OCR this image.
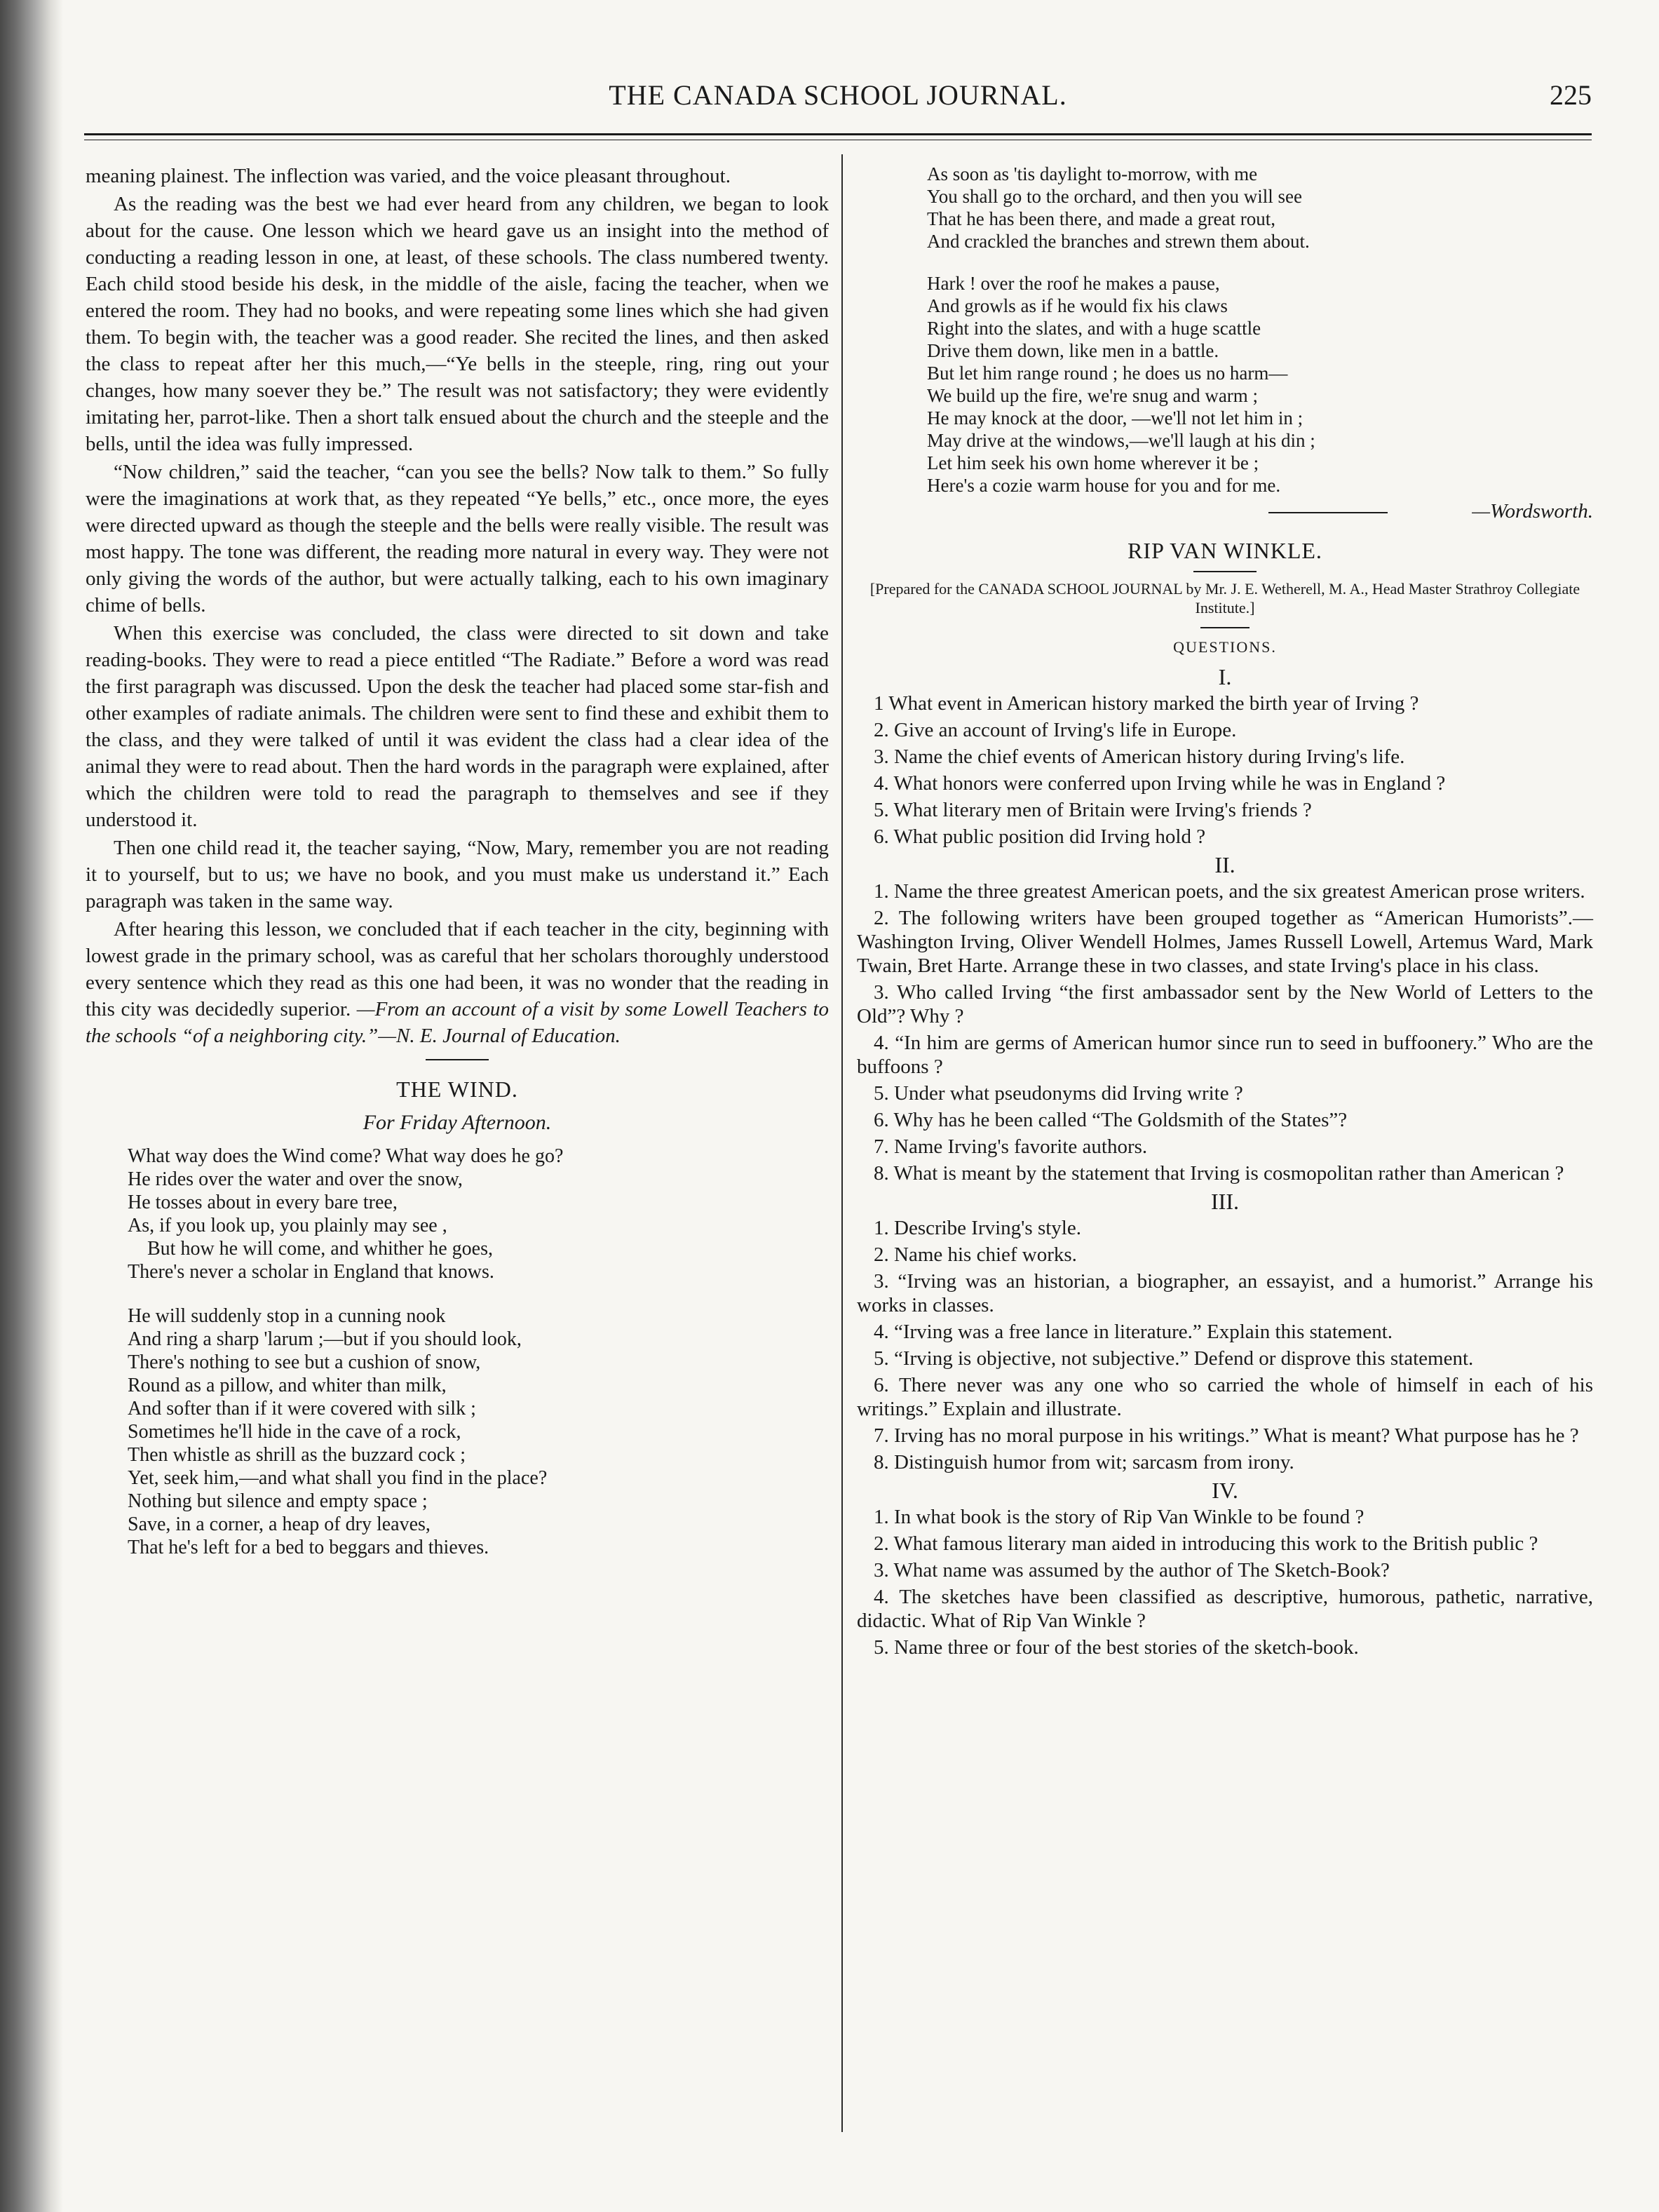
THE CANADA SCHOOL JOURNAL.	225

meaning plainest. The inflection was varied, and the voice pleasant throughout.

As the reading was the best we had ever heard from any children, we began to look about for the cause. One lesson which we heard gave us an insight into the method of conducting a reading lesson in one, at least, of these schools. The class numbered twenty. Each child stood beside his desk, in the middle of the aisle, facing the teacher, when we entered the room. They had no books, and were repeating some lines which she had given them. To begin with, the teacher was a good reader. She recited the lines, and then asked the class to repeat after her this much,—“Ye bells in the steeple, ring, ring out your changes, how many soever they be.” The result was not satisfactory; they were evidently imitating her, parrot-like. Then a short talk ensued about the church and the steeple and the bells, until the idea was fully impressed.

“Now children,” said the teacher, “can you see the bells? Now talk to them.” So fully were the imaginations at work that, as they repeated “Ye bells,” etc., once more, the eyes were directed upward as though the steeple and the bells were really visible. The result was most happy. The tone was different, the reading more natural in every way. They were not only giving the words of the author, but were actually talking, each to his own imaginary chime of bells.

When this exercise was concluded, the class were directed to sit down and take reading-books. They were to read a piece entitled “The Radiate.” Before a word was read the first paragraph was discussed. Upon the desk the teacher had placed some star-fish and other examples of radiate animals. The children were sent to find these and exhibit them to the class, and they were talked of until it was evident the class had a clear idea of the animal they were to read about. Then the hard words in the paragraph were explained, after which the children were told to read the paragraph to themselves and see if they understood it.

Then one child read it, the teacher saying, “Now, Mary, remember you are not reading it to yourself, but to us; we have no book, and you must make us understand it.” Each paragraph was taken in the same way.

After hearing this lesson, we concluded that if each teacher in the city, beginning with lowest grade in the primary school, was as careful that her scholars thoroughly understood every sentence which they read as this one had been, it was no wonder that the reading in this city was decidedly superior. —From an account of a visit by some Lowell Teachers to the schools “of a neighboring city.”—N. E. Journal of Education.

THE WIND.
For Friday Afternoon.
What way does the Wind come? What way does he go?
He rides over the water and over the snow,
He tosses about in every bare tree,
As, if you look up, you plainly may see ,
But how he will come, and whither he goes,
There's never a scholar in England that knows.
He will suddenly stop in a cunning nook
And ring a sharp 'larum ;—but if you should look,
There's nothing to see but a cushion of snow,
Round as a pillow, and whiter than milk,
And softer than if it were covered with silk ;
Sometimes he'll hide in the cave of a rock,
Then whistle as shrill as the buzzard cock ;
Yet, seek him,—and what shall you find in the place?
Nothing but silence and empty space ;
Save, in a corner, a heap of dry leaves,
That he's left for a bed to beggars and thieves.
As soon as 'tis daylight to-morrow, with me
You shall go to the orchard, and then you will see
That he has been there, and made a great rout,
And crackled the branches and strewn them about.
Hark ! over the roof he makes a pause,
And growls as if he would fix his claws
Right into the slates, and with a huge scattle
Drive them down, like men in a battle.
But let him range round ; he does us no harm—
We build up the fire, we're snug and warm ;
He may knock at the door, —we'll not let him in ;
May drive at the windows,—we'll laugh at his din ;
Let him seek his own home wherever it be ;
Here's a cozie warm house for you and for me.
—Wordsworth.
RIP VAN WINKLE.
[Prepared for the CANADA SCHOOL JOURNAL by Mr. J. E. Wetherell, M. A., Head Master Strathroy Collegiate Institute.]
QUESTIONS.
I.

1 What event in American history marked the birth year of Irving ?

2. Give an account of Irving's life in Europe.

3. Name the chief events of American history during Irving's life.

4. What honors were conferred upon Irving while he was in England ?

5. What literary men of Britain were Irving's friends ?

6. What public position did Irving hold ?

II.

1. Name the three greatest American poets, and the six greatest American prose writers.

2. The following writers have been grouped together as “American Humorists”.—Washington Irving, Oliver Wendell Holmes, James Russell Lowell, Artemus Ward, Mark Twain, Bret Harte. Arrange these in two classes, and state Irving's place in his class.

3. Who called Irving “the first ambassador sent by the New World of Letters to the Old”? Why ?

4. “In him are germs of American humor since run to seed in buffoonery.” Who are the buffoons ?

5. Under what pseudonyms did Irving write ?

6. Why has he been called “The Goldsmith of the States”?

7. Name Irving's favorite authors.

8. What is meant by the statement that Irving is cosmopolitan rather than American ?

III.

1. Describe Irving's style.

2. Name his chief works.

3. “Irving was an historian, a biographer, an essayist, and a humorist.” Arrange his works in classes.

4. “Irving was a free lance in literature.” Explain this statement.

5. “Irving is objective, not subjective.” Defend or disprove this statement.

6. There never was any one who so carried the whole of himself in each of his writings.” Explain and illustrate.

7. Irving has no moral purpose in his writings.” What is meant? What purpose has he ?

8. Distinguish humor from wit; sarcasm from irony.

IV.

1. In what book is the story of Rip Van Winkle to be found ?

2. What famous literary man aided in introducing this work to the British public ?

3. What name was assumed by the author of The Sketch-Book?

4. The sketches have been classified as descriptive, humorous, pathetic, narrative, didactic. What of Rip Van Winkle ?

5. Name three or four of the best stories of the sketch-book.
